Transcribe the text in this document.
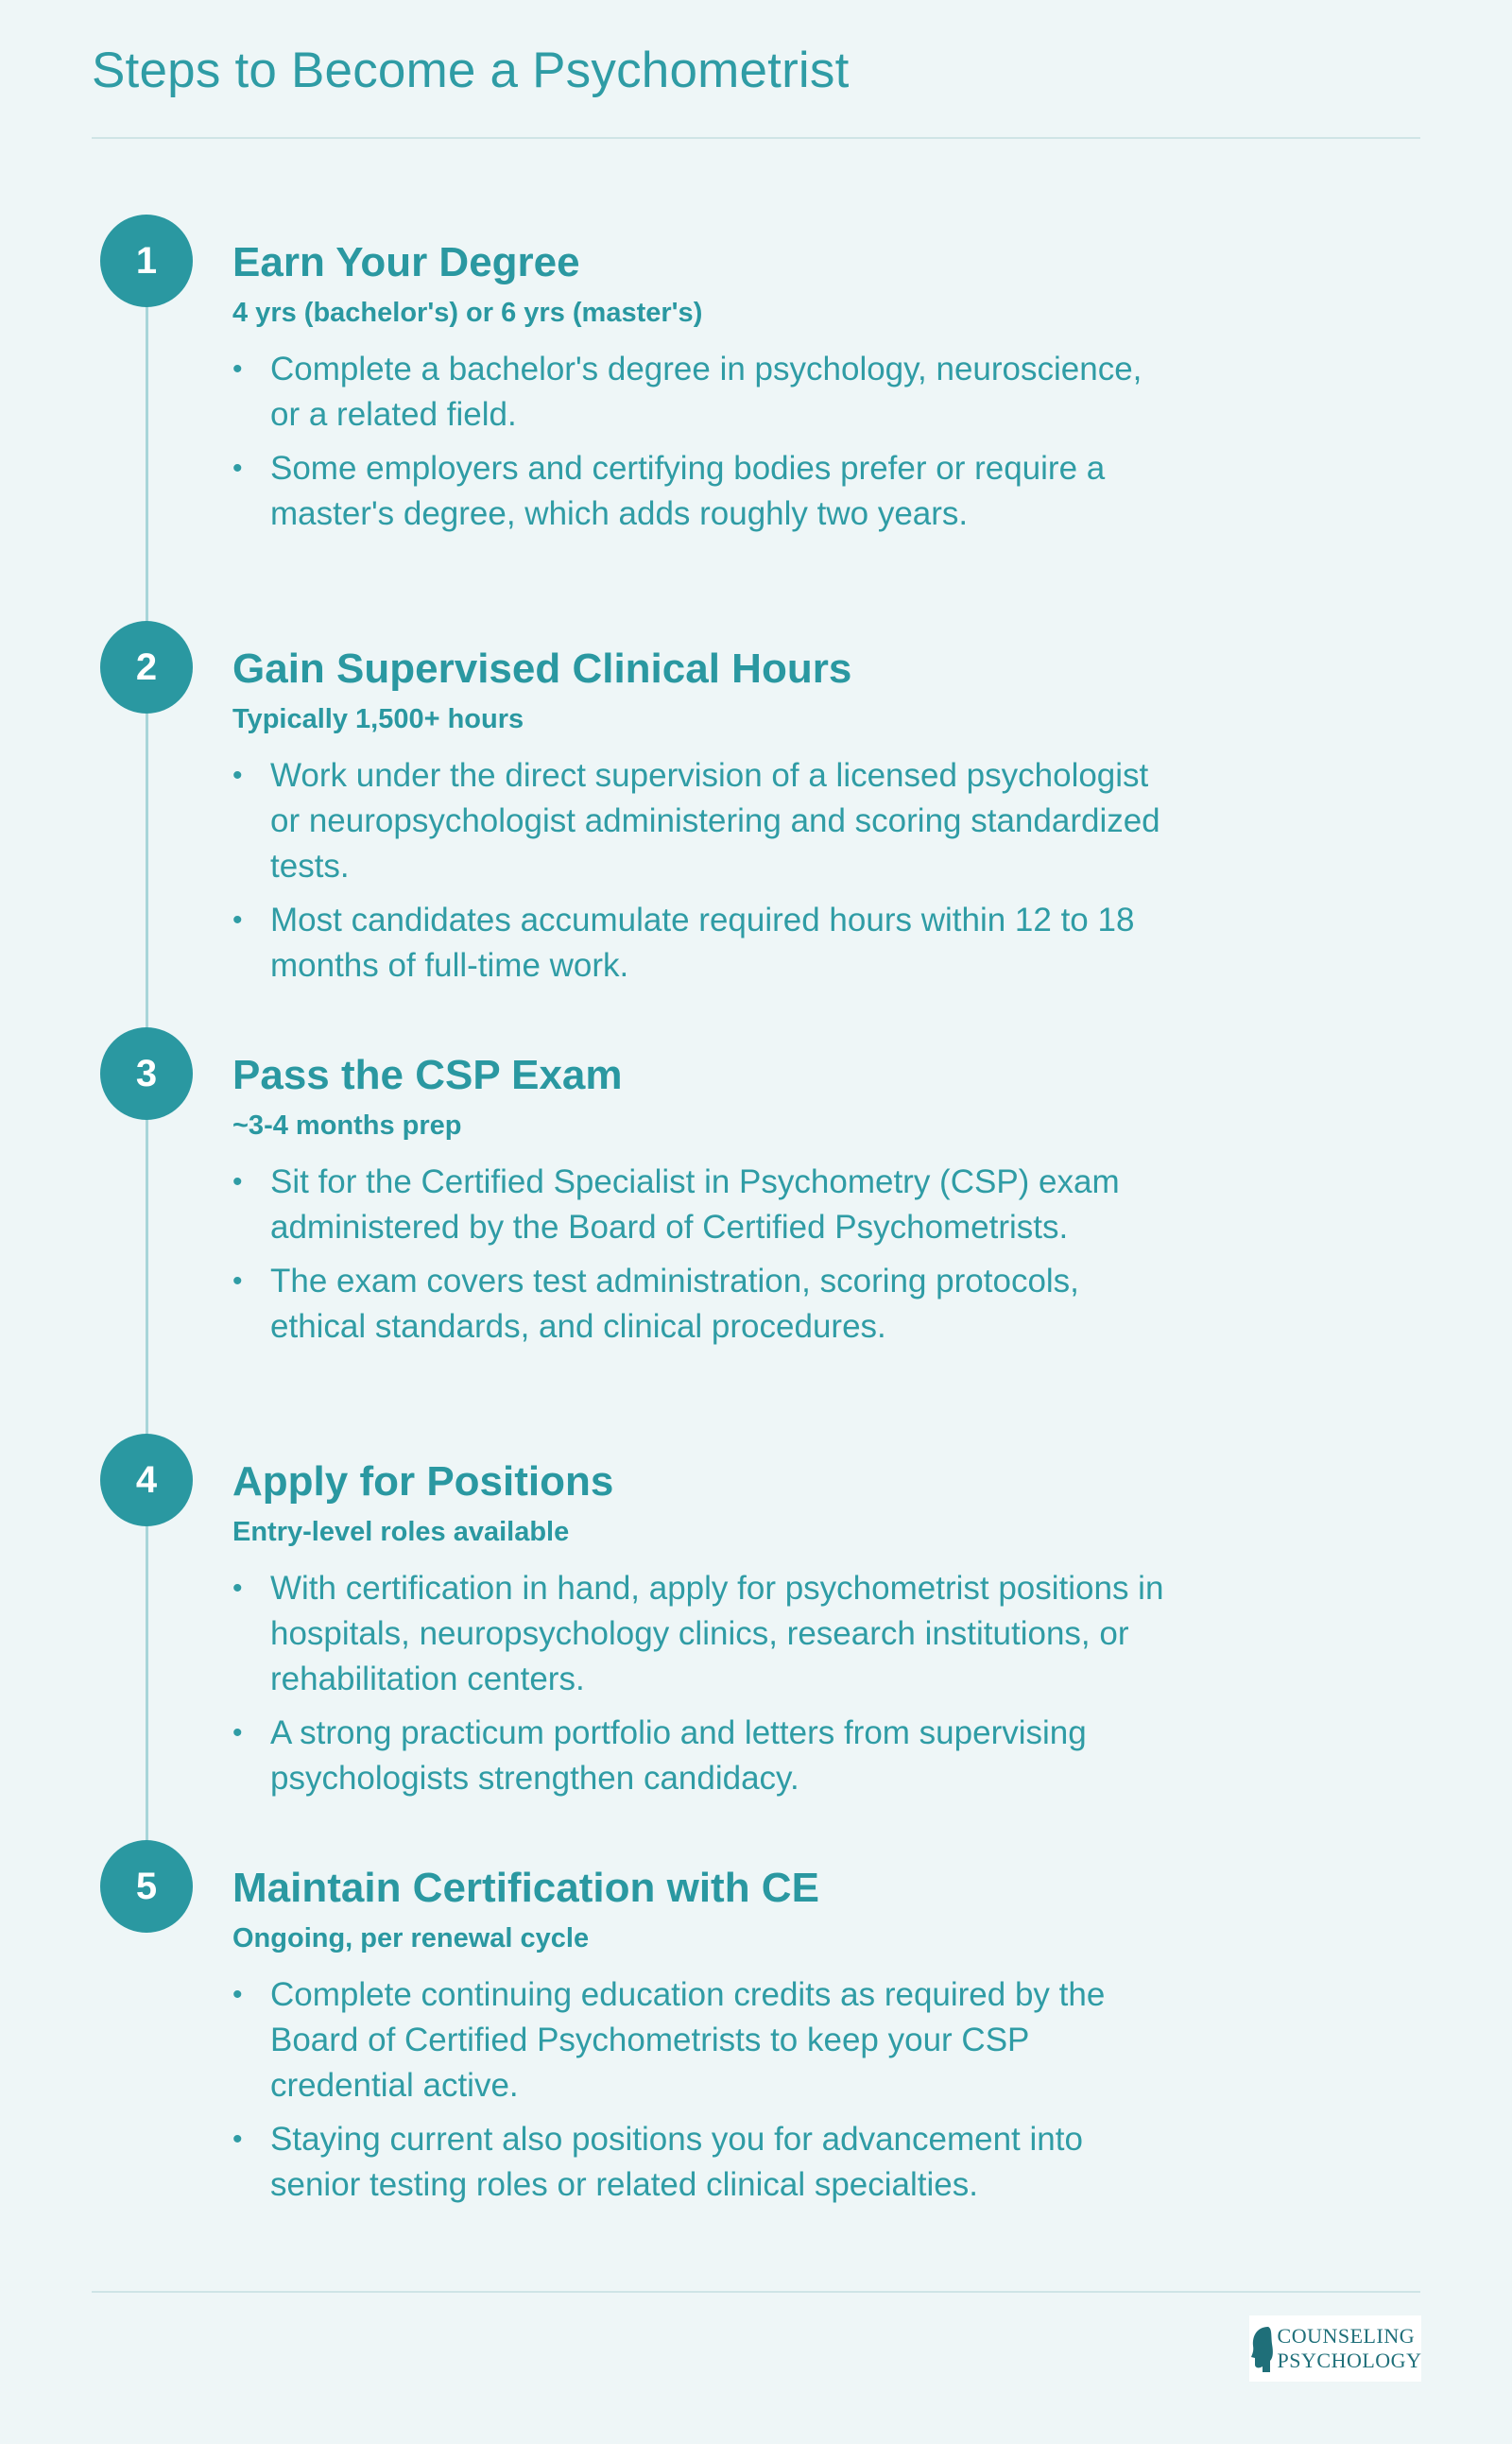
Steps to Become a Psychometrist
1	Earn Your Degree
4 yrs (bachelor's) or 6 yrs (master's)
• Complete a bachelor's degree in psychology, neuroscience, or a related field.
• Some employers and certifying bodies prefer or require a master's degree, which adds roughly two years.
2	Gain Supervised Clinical Hours
Typically 1,500+ hours
• Work under the direct supervision of a licensed psychologist or neuropsychologist administering and scoring standardized tests.
• Most candidates accumulate required hours within 12 to 18 months of full-time work.
3	Pass the CSP Exam
~3-4 months prep
• Sit for the Certified Specialist in Psychometry (CSP) exam administered by the Board of Certified Psychometrists.
• The exam covers test administration, scoring protocols, ethical standards, and clinical procedures.
4	Apply for Positions
Entry-level roles available
• With certification in hand, apply for psychometrist positions in hospitals, neuropsychology clinics, research institutions, or rehabilitation centers.
• A strong practicum portfolio and letters from supervising psychologists strengthen candidacy.
5	Maintain Certification with CE
Ongoing, per renewal cycle
• Complete continuing education credits as required by the Board of Certified Psychometrists to keep your CSP credential active.
• Staying current also positions you for advancement into senior testing roles or related clinical specialties.
COUNSELING
PSYCHOLOGY
